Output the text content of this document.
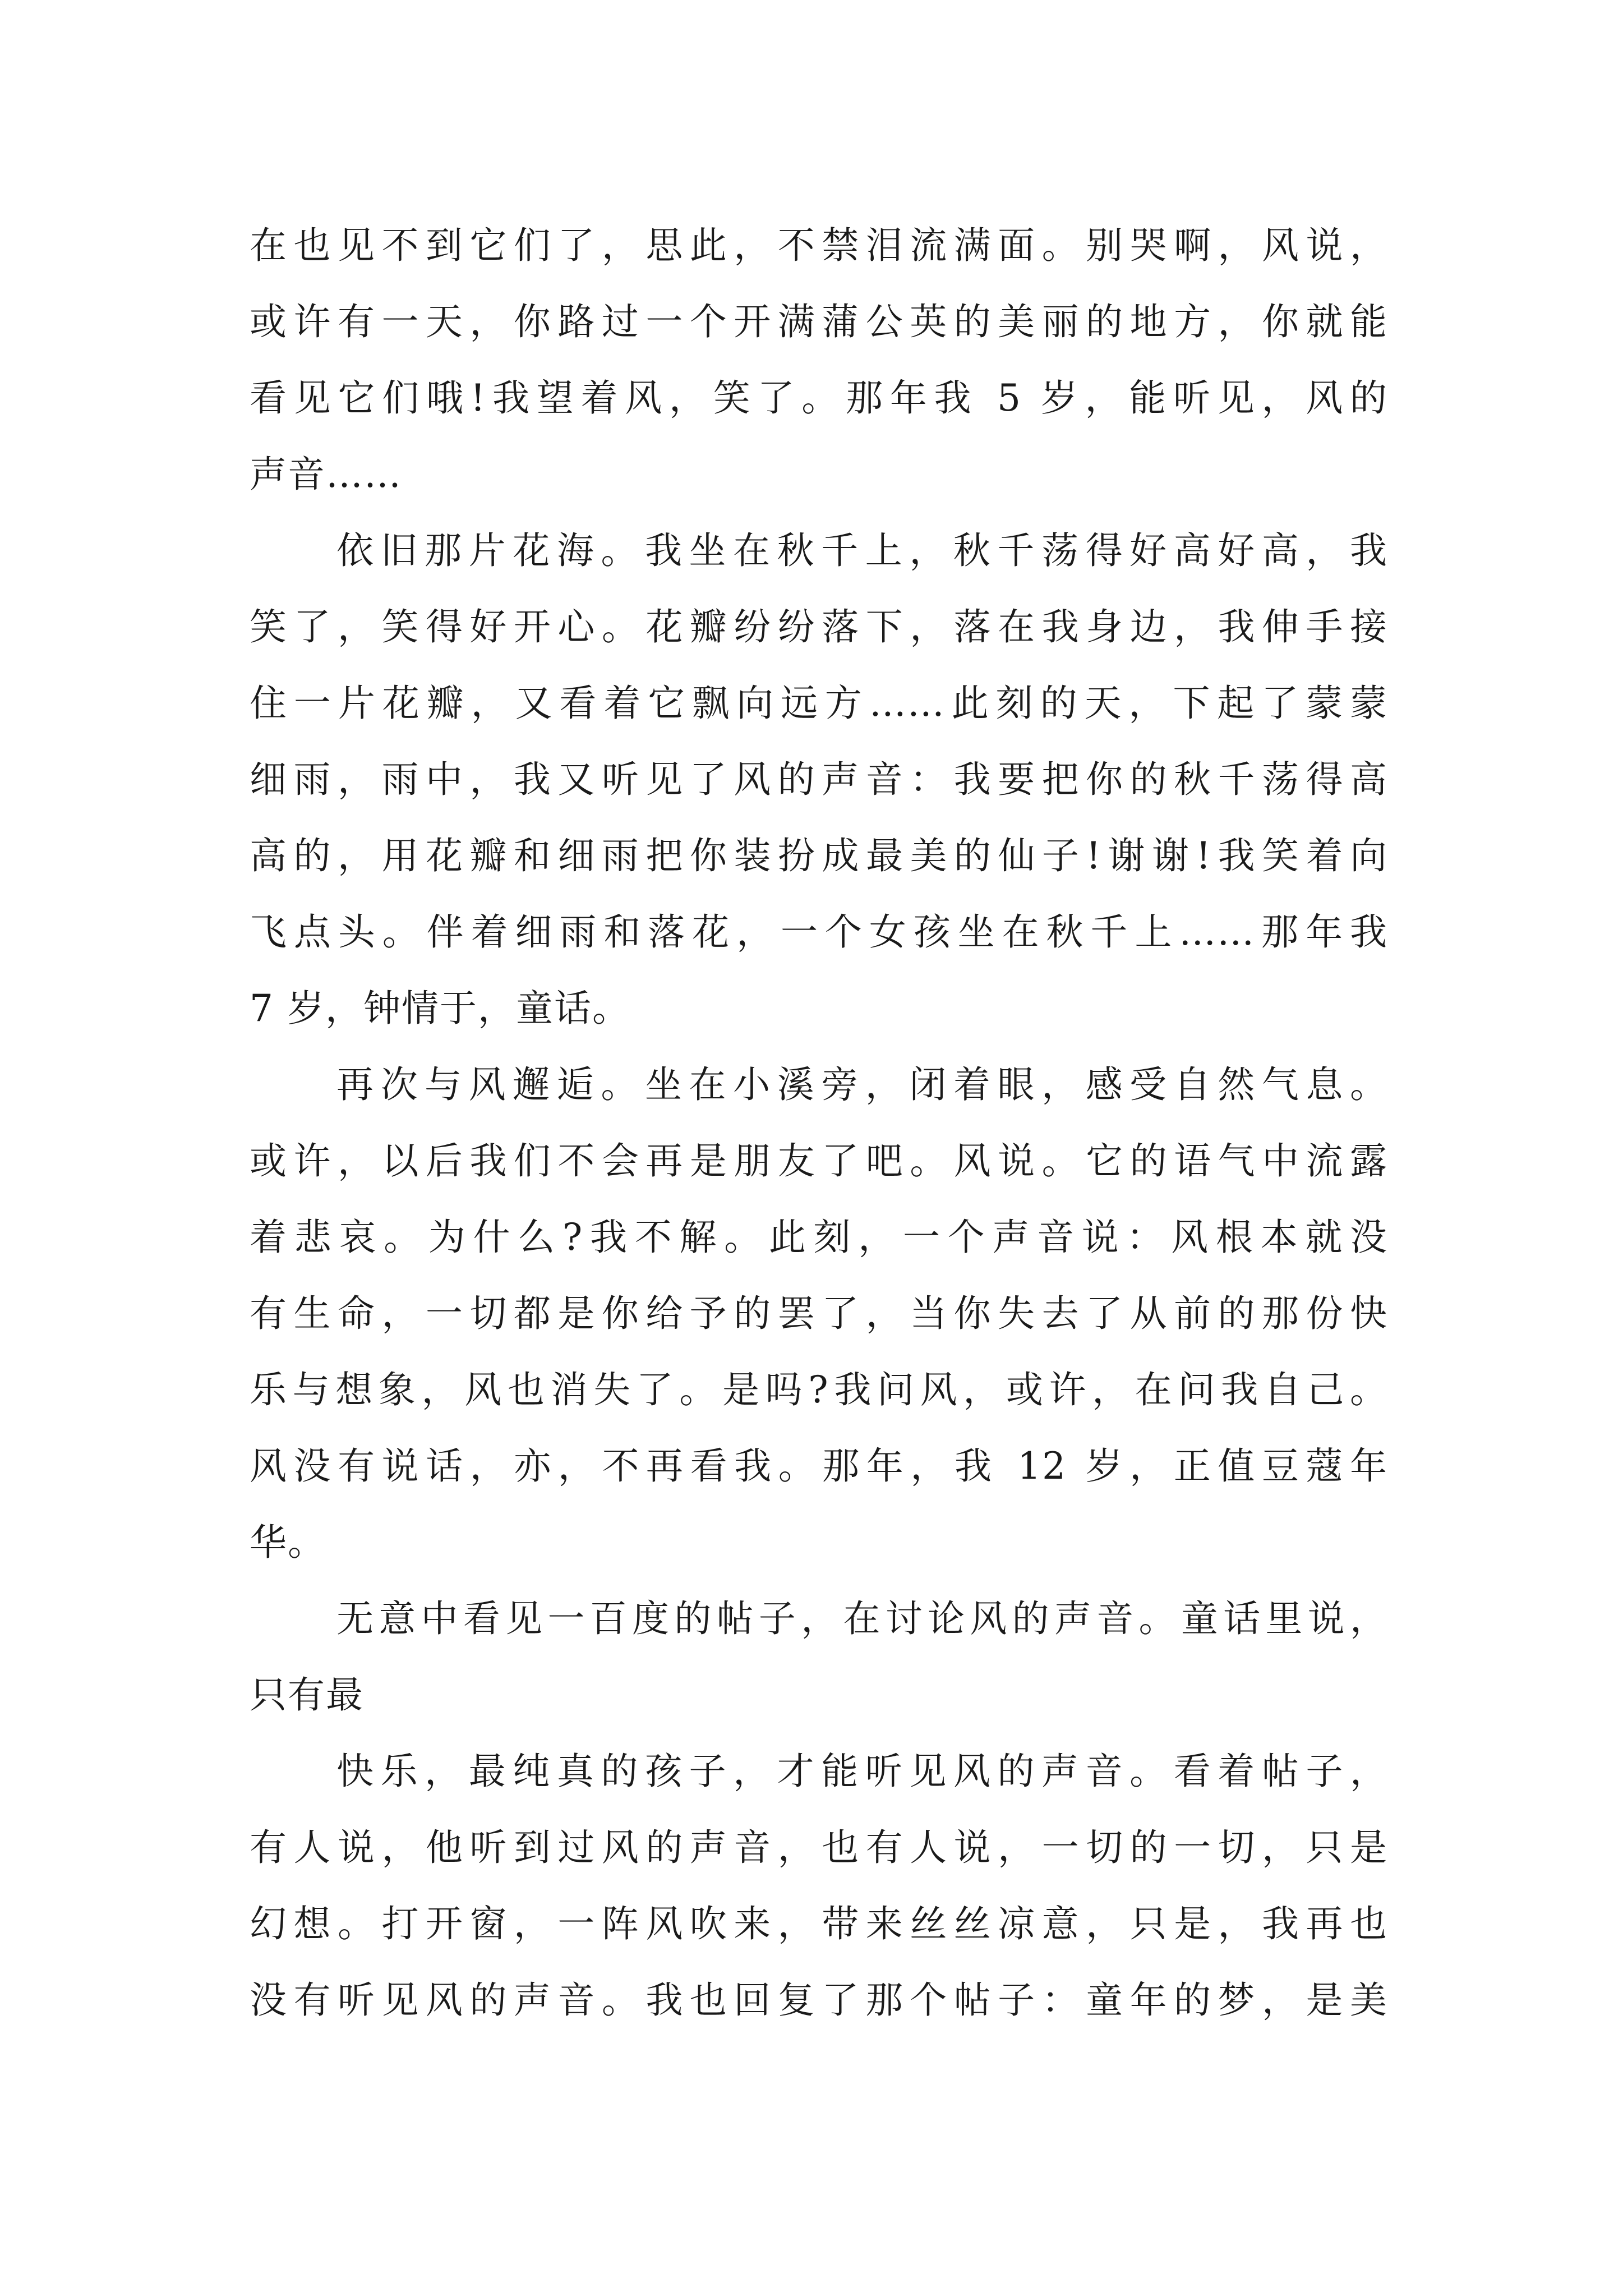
在也见不到它们了，思此，不禁泪流满面。别哭啊，风说，
或许有一天，你路过一个开满蒲公英的美丽的地方，你就能
看见它们哦!我望着风，笑了。那年我 5 岁，能听见，风的
声音……
依旧那片花海。我坐在秋千上，秋千荡得好高好高，我
笑了，笑得好开心。花瓣纷纷落下，落在我身边，我伸手接
住一片花瓣，又看着它飘向远方……此刻的天，下起了蒙蒙
细雨，雨中，我又听见了风的声音：我要把你的秋千荡得高
高的，用花瓣和细雨把你装扮成最美的仙子!谢谢!我笑着向
飞点头。伴着细雨和落花，一个女孩坐在秋千上……那年我
7 岁，钟情于，童话。
再次与风邂逅。坐在小溪旁，闭着眼，感受自然气息。
或许，以后我们不会再是朋友了吧。风说。它的语气中流露
着悲哀。为什么?我不解。此刻，一个声音说：风根本就没
有生命，一切都是你给予的罢了，当你失去了从前的那份快
乐与想象，风也消失了。是吗?我问风，或许，在问我自己。
风没有说话，亦，不再看我。那年，我 12 岁，正值豆蔻年
华。
无意中看见一百度的帖子，在讨论风的声音。童话里说，
只有最
快乐，最纯真的孩子，才能听见风的声音。看着帖子，
有人说，他听到过风的声音，也有人说，一切的一切，只是
幻想。打开窗，一阵风吹来，带来丝丝凉意，只是，我再也
没有听见风的声音。我也回复了那个帖子：童年的梦，是美
